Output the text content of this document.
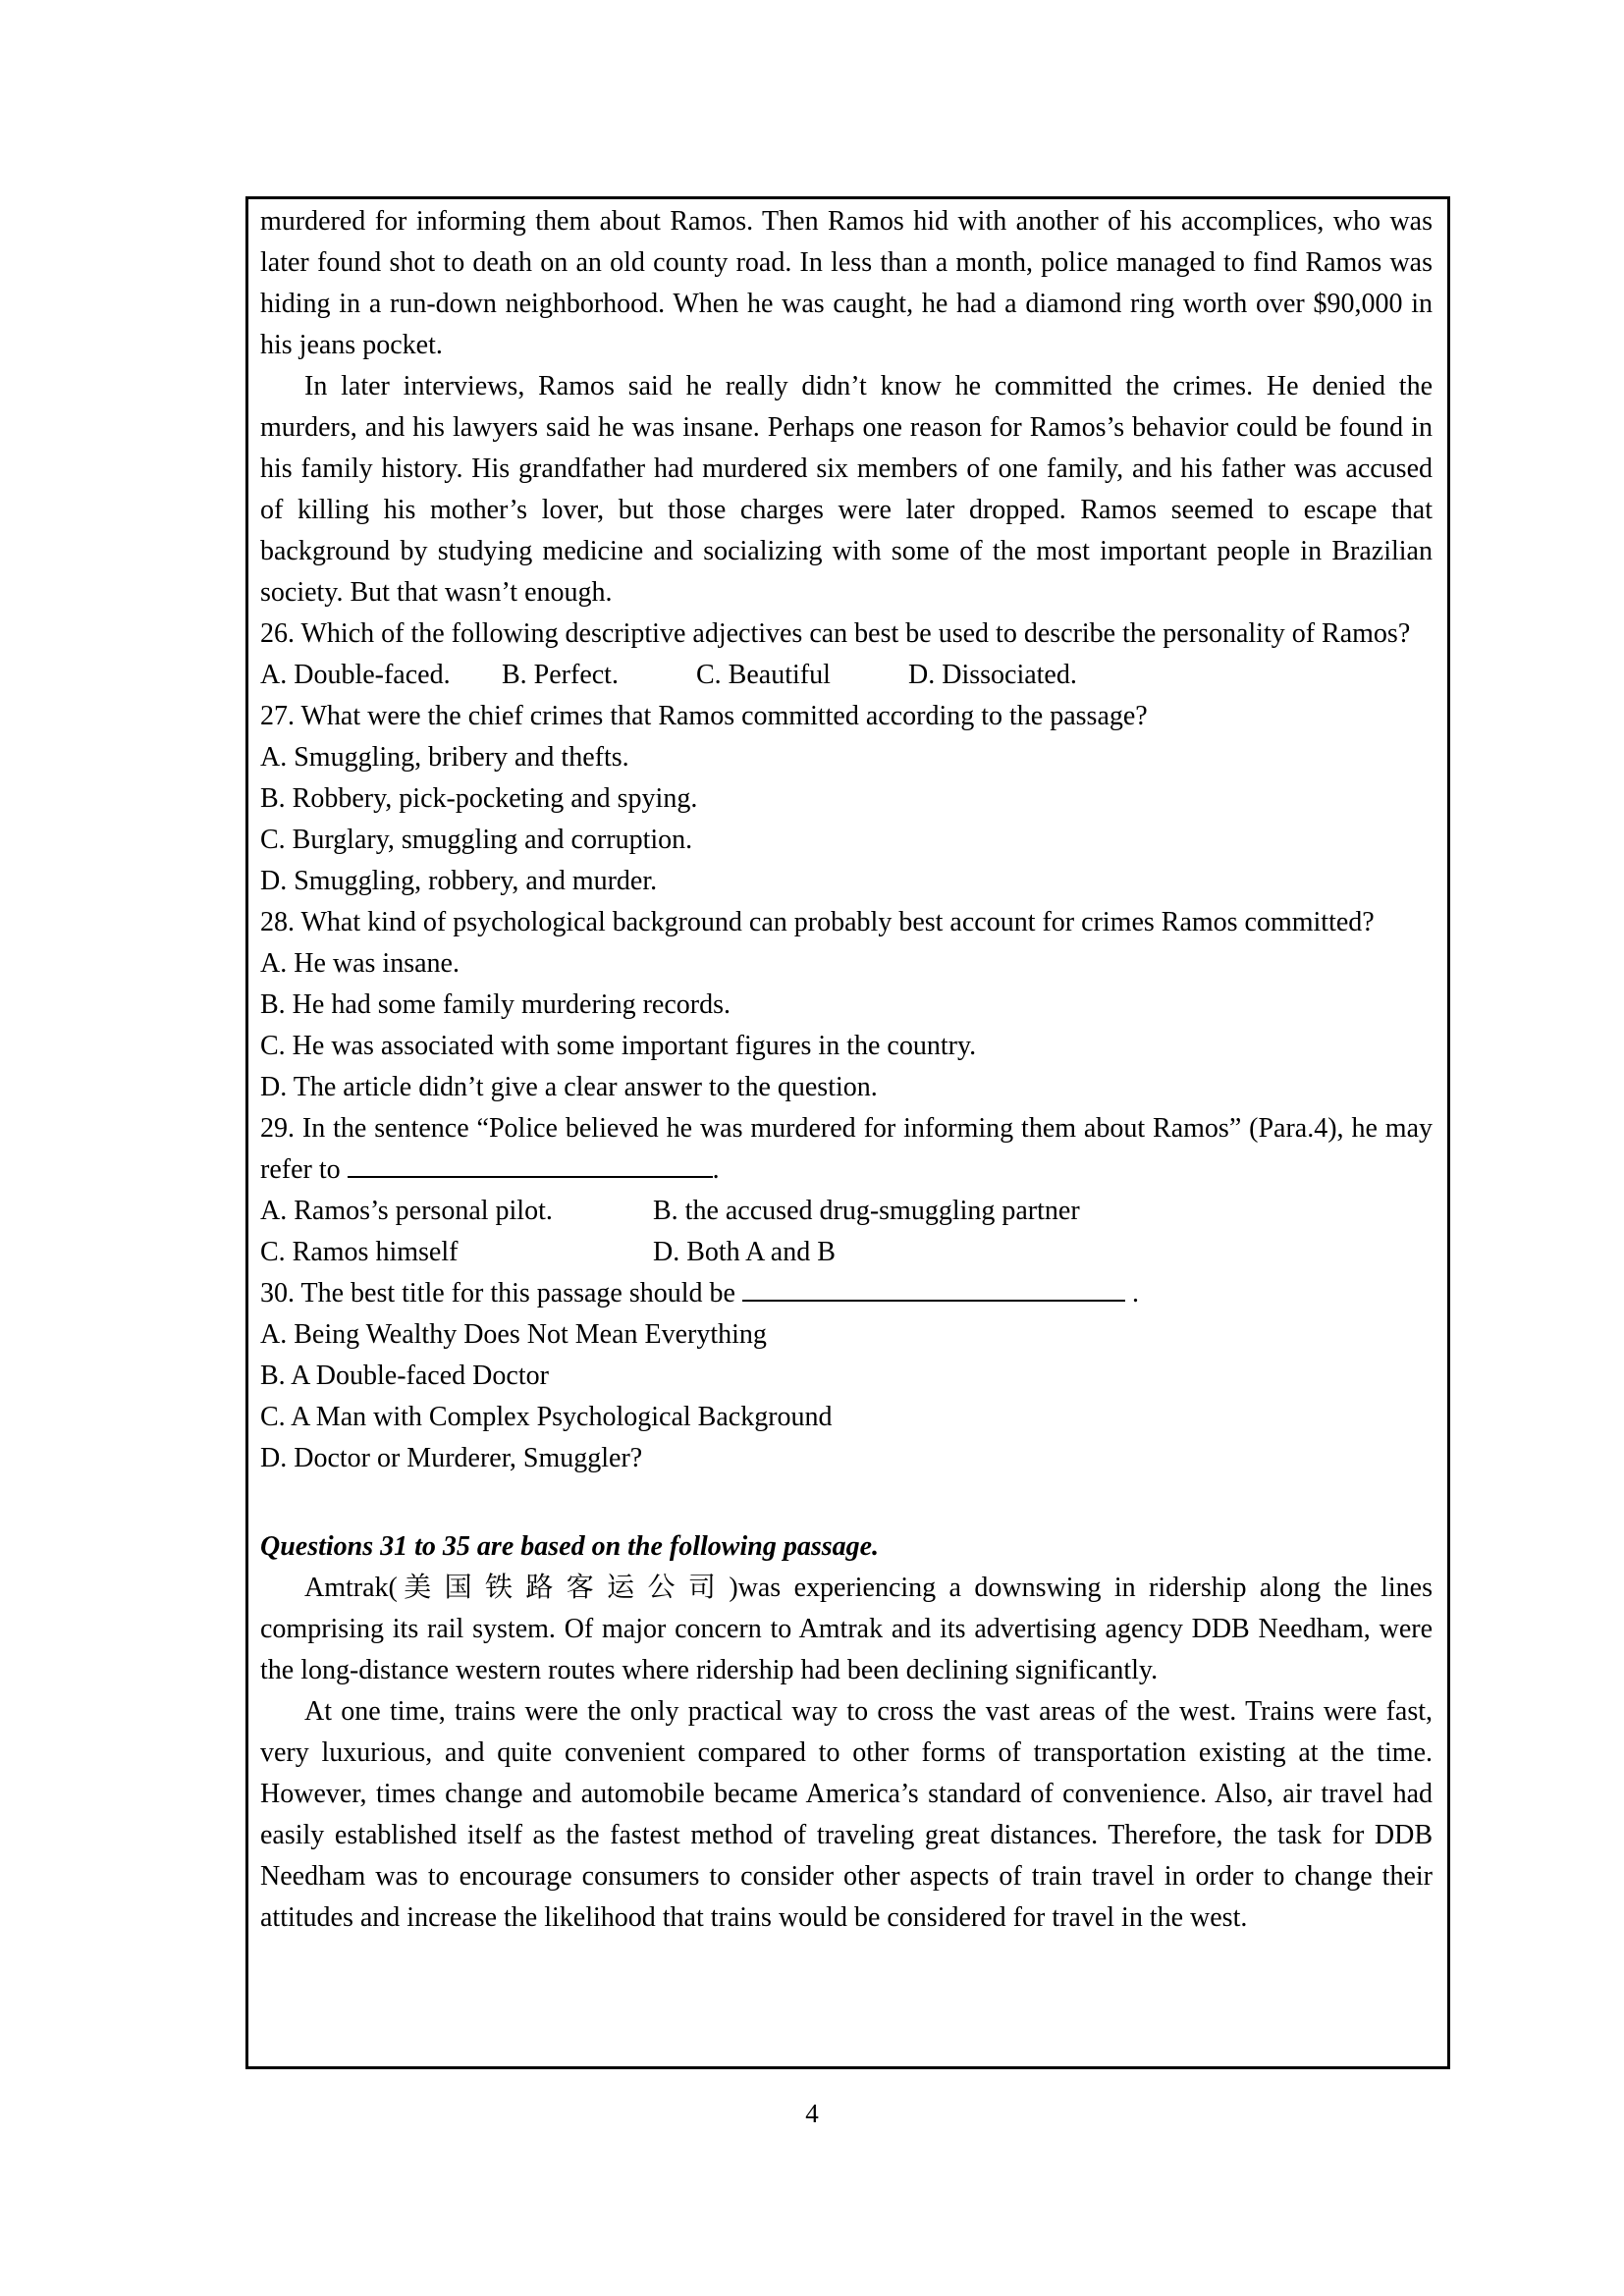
murdered for informing them about Ramos. Then Ramos hid with another of his accomplices, who was later found shot to death on an old county road. In less than a month, police managed to find Ramos was hiding in a run-down neighborhood. When he was caught, he had a diamond ring worth over $90,000 in his jeans pocket.

In later interviews, Ramos said he really didn’t know he committed the crimes. He denied the murders, and his lawyers said he was insane. Perhaps one reason for Ramos’s behavior could be found in his family history. His grandfather had murdered six members of one family, and his father was accused of killing his mother’s lover, but those charges were later dropped. Ramos seemed to escape that background by studying medicine and socializing with some of the most important people in Brazilian society. But that wasn’t enough.

26. Which of the following descriptive adjectives can best be used to describe the personality of Ramos?

A. Double-faced. B. Perfect.	C. Beautiful	D. Dissociated.

27. What were the chief crimes that Ramos committed according to the passage?

A. Smuggling, bribery and thefts.
B. Robbery, pick-pocketing and spying.
C. Burglary, smuggling and corruption.
D. Smuggling, robbery, and murder.

28. What kind of psychological background can probably best account for crimes Ramos committed?

A. He was insane.
B. He had some family murdering records.
C. He was associated with some important figures in the country.
D. The article didn’t give a clear answer to the question.

29. In the sentence “Police believed he was murdered for informing them about Ramos” (Para.4), he may refer to	.

A. Ramos’s personal pilot.	B. the accused drug-smuggling partner
C. Ramos himself	D. Both A and B

30. The best title for this passage should be	.

A. Being Wealthy Does Not Mean Everything
B. A Double-faced Doctor
C. A Man with Complex Psychological Background
D. Doctor or Murderer, Smuggler?

Questions 31 to 35 are based on the following passage.

Amtrak(美国铁路客运公司)was experiencing a downswing in ridership along the lines comprising its rail system. Of major concern to Amtrak and its advertising agency DDB Needham, were the long-distance western routes where ridership had been declining significantly.

At one time, trains were the only practical way to cross the vast areas of the west. Trains were fast, very luxurious, and quite convenient compared to other forms of transportation existing at the time. However, times change and automobile became America’s standard of convenience. Also, air travel had easily established itself as the fastest method of traveling great distances. Therefore, the task for DDB Needham was to encourage consumers to consider other aspects of train travel in order to change their attitudes and increase the likelihood that trains would be considered for travel in the west.

4
